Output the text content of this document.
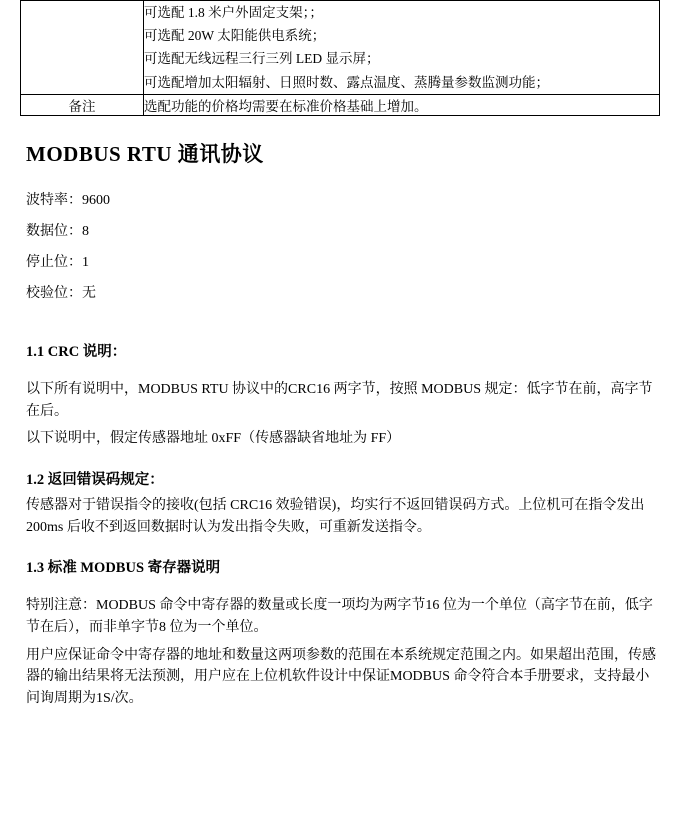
	可选配 1.8 米户外固定支架；；
可选配 20W 太阳能供电系统；
可选配无线远程三行三列 LED 显示屏；
可选配增加太阳辐射、日照时数、露点温度、蒸腾量参数监测功能；

备注	选配功能的价格均需要在标准价格基础上增加。
MODBUS RTU 通讯协议

波特率：9600

数据位：8

停止位：1

校验位：无

1.1 CRC 说明：

以下所有说明中，MODBUS RTU 协议中的CRC16 两字节，按照 MODBUS 规定：低字节在前，高字节在后。

以下说明中，假定传感器地址 0xFF（传感器缺省地址为 FF）

1.2 返回错误码规定：

传感器对于错误指令的接收(包括 CRC16 效验错误)，均实行不返回错误码方式。上位机可在指令发出 200ms 后收不到返回数据时认为发出指令失败，可重新发送指令。

1.3 标准 MODBUS 寄存器说明

特别注意：MODBUS 命令中寄存器的数量或长度一项均为两字节16 位为一个单位（高字节在前，低字节在后），而非单字节8 位为一个单位。

用户应保证命令中寄存器的地址和数量这两项参数的范围在本系统规定范围之内。如果超出范围，传感器的输出结果将无法预测，用户应在上位机软件设计中保证MODBUS 命令符合本手册要求，支持最小问询周期为1S/次。
